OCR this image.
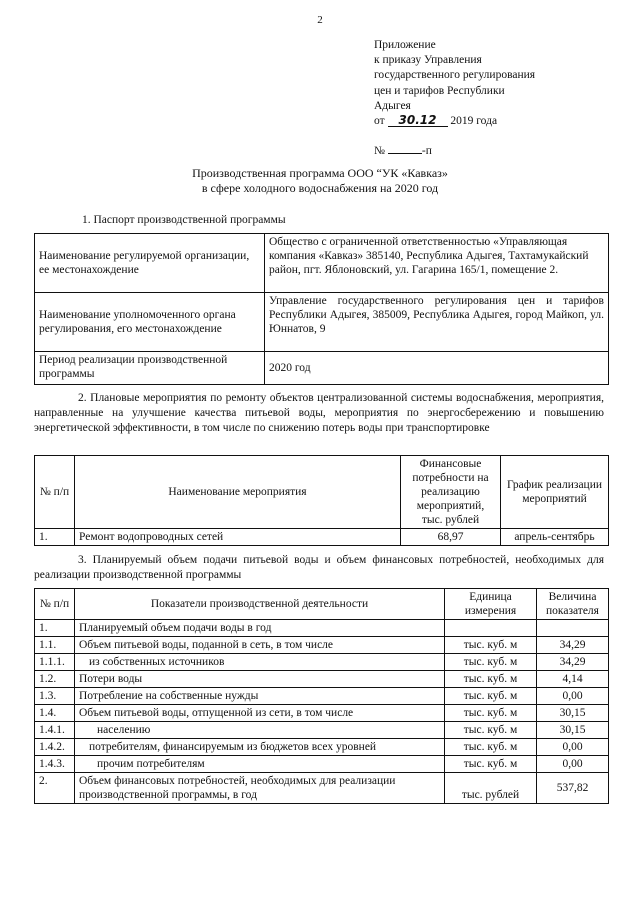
2
Приложение
к приказу Управления
государственного регулирования
цен и тарифов Республики
Адыгея
от 30.12 2019 года
№	-п
Производственная программа ООО “УК «Кавказ»
в сфере холодного водоснабжения на 2020 год
1. Паспорт производственной программы
Наименование регулируемой организации, ее местонахождение	Общество с ограниченной ответственностью «Управляющая компания «Кавказ» 385140, Республика Адыгея, Тахтамукайский район, пгт. Яблоновский, ул. Гагарина 165/1, помещение 2.
Наименование уполномоченного органа регулирования, его местонахождение	Управление государственного регулирования цен и тарифов Республики Адыгея, 385009, Республика Адыгея, город Майкоп, ул. Юннатов, 9
Период реализации производственной программы	2020 год
2. Плановые мероприятия по ремонту объектов централизованной системы водоснабжения, мероприятия, направленные на улучшение качества питьевой воды, мероприятия по энергосбережению и повышению энергетической эффективности, в том числе по снижению потерь воды при транспортировке
№ п/п	Наименование мероприятия	Финансовые потребности на реализацию мероприятий, тыс. рублей	График реализации мероприятий
1.	Ремонт водопроводных сетей	68,97	апрель-сентябрь
3. Планируемый объем подачи питьевой воды и объем финансовых потребностей, необходимых для реализации производственной программы
№ п/п	Показатели производственной деятельности	Единица измерения	Величина показателя
1.	Планируемый объем подачи воды в год		
1.1.	Объем питьевой воды, поданной в сеть, в том числе	тыс. куб. м	34,29
1.1.1.	из собственных источников	тыс. куб. м	34,29
1.2.	Потери воды	тыс. куб. м	4,14
1.3.	Потребление на собственные нужды	тыс. куб. м	0,00
1.4.	Объем питьевой воды, отпущенной из сети, в том числе	тыс. куб. м	30,15
1.4.1.	населению	тыс. куб. м	30,15
1.4.2.	потребителям, финансируемым из бюджетов всех уровней	тыс. куб. м	0,00
1.4.3.	прочим потребителям	тыс. куб. м	0,00
2.	Объем финансовых потребностей, необходимых для реализации производственной программы, в год	тыс. рублей	537,82
